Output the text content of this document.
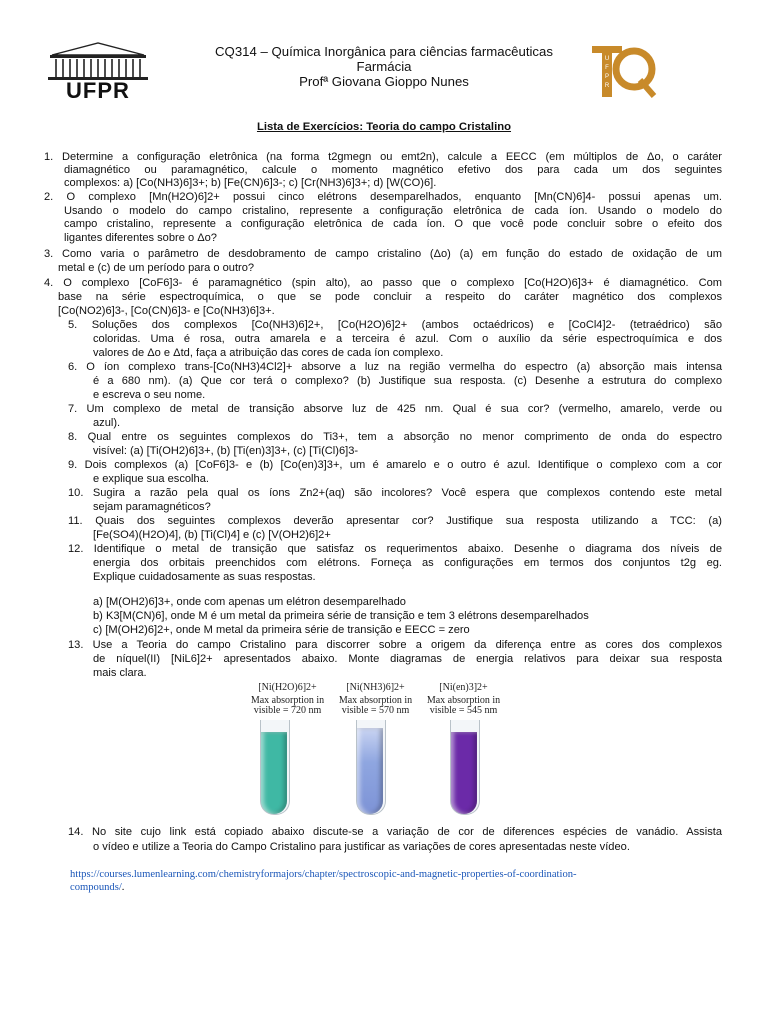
UFPR
U
F
P
R
CQ314 – Química Inorgânica para ciências farmacêuticas
Farmácia
Profª Giovana Gioppo Nunes
Lista de Exercícios: Teoria do campo Cristalino
1. Determine a configuração eletrônica (na forma t2gmegn ou emt2n), calcule a EECC (em múltiplos de Δo, o caráter
diamagnético ou paramagnético, calcule o momento magnético efetivo dos para cada um dos seguintes
complexos: a) [Co(NH3)6]3+; b) [Fe(CN)6]3-; c) [Cr(NH3)6]3+; d) [W(CO)6].
2. O complexo [Mn(H2O)6]2+ possui cinco elétrons desemparelhados, enquanto [Mn(CN)6]4- possui apenas um.
Usando o modelo do campo cristalino, represente a configuração eletrônica de cada íon. Usando o modelo do
campo cristalino, represente a configuração eletrônica de cada íon. O que você pode concluir sobre o efeito dos
ligantes diferentes sobre o Δo?
3. Como varia o parâmetro de desdobramento de campo cristalino (Δo) (a) em função do estado de oxidação de um
metal e (c) de um período para o outro?
4. O complexo [CoF6]3- é paramagnético (spin alto), ao passo que o complexo [Co(H2O)6]3+ é diamagnético. Com
base na série espectroquímica, o que se pode concluir a respeito do caráter magnético dos complexos
[Co(NO2)6]3-, [Co(CN)6]3- e [Co(NH3)6]3+.
5. Soluções dos complexos [Co(NH3)6]2+, [Co(H2O)6]2+ (ambos octaédricos) e [CoCl4]2- (tetraédrico) são
coloridas. Uma é rosa, outra amarela e a terceira é azul. Com o auxílio da série espectroquímica e dos
valores de Δo e Δtd, faça a atribuição das cores de cada íon complexo.
6. O íon complexo trans-[Co(NH3)4Cl2]+ absorve a luz na região vermelha do espectro (a) absorção mais intensa
é a 680 nm). (a) Que cor terá o complexo? (b) Justifique sua resposta. (c) Desenhe a estrutura do complexo
e escreva o seu nome.
7. Um complexo de metal de transição absorve luz de 425 nm. Qual é sua cor? (vermelho, amarelo, verde ou
azul).
8. Qual entre os seguintes complexos do Ti3+, tem a absorção no menor comprimento de onda do espectro
visível: (a) [Ti(OH2)6]3+, (b) [Ti(en)3]3+, (c) [Ti(Cl)6]3-
9. Dois complexos (a) [CoF6]3- e (b) [Co(en)3]3+, um é amarelo e o outro é azul. Identifique o complexo com a cor
e explique sua escolha.
10. Sugira a razão pela qual os íons Zn2+(aq) são incolores? Você espera que complexos contendo este metal
sejam paramagnéticos?
11. Quais dos seguintes complexos deverão apresentar cor? Justifique sua resposta utilizando a TCC: (a)
[Fe(SO4)(H2O)4], (b) [Ti(Cl)4] e (c) [V(OH2)6]2+
12. Identifique o metal de transição que satisfaz os requerimentos abaixo. Desenhe o diagrama dos níveis de
energia dos orbitais preenchidos com elétrons. Forneça as configurações em termos dos conjuntos t2g eg.
Explique cuidadosamente as suas respostas.
a) [M(OH2)6]3+, onde com apenas um elétron desemparelhado
b) K3[M(CN)6], onde M é um metal da primeira série de transição e tem 3 elétrons desemparelhados
c) [M(OH2)6]2+, onde M metal da primeira série de transição e EECC = zero
13. Use a Teoria do campo Cristalino para discorrer sobre a origem da diferença entre as cores dos complexos
de níquel(II) [NiL6]2+ apresentados abaixo. Monte diagramas de energia relativos para deixar sua resposta
mais clara.
14. No site cujo link está copiado abaixo discute-se a variação de cor de diferences espécies de vanádio. Assista
o vídeo e utilize a Teoria do Campo Cristalino para justificar as variações de cores apresentadas neste vídeo.
[Ni(H2O)6]2+
Max absorption in
visible = 720 nm
[Ni(NH3)6]2+
Max absorption in
visible = 570 nm
[Ni(en)3]2+
Max absorption in
visible = 545 nm
https://courses.lumenlearning.com/chemistryformajors/chapter/spectroscopic-and-magnetic-properties-of-coordination-
compounds/.
